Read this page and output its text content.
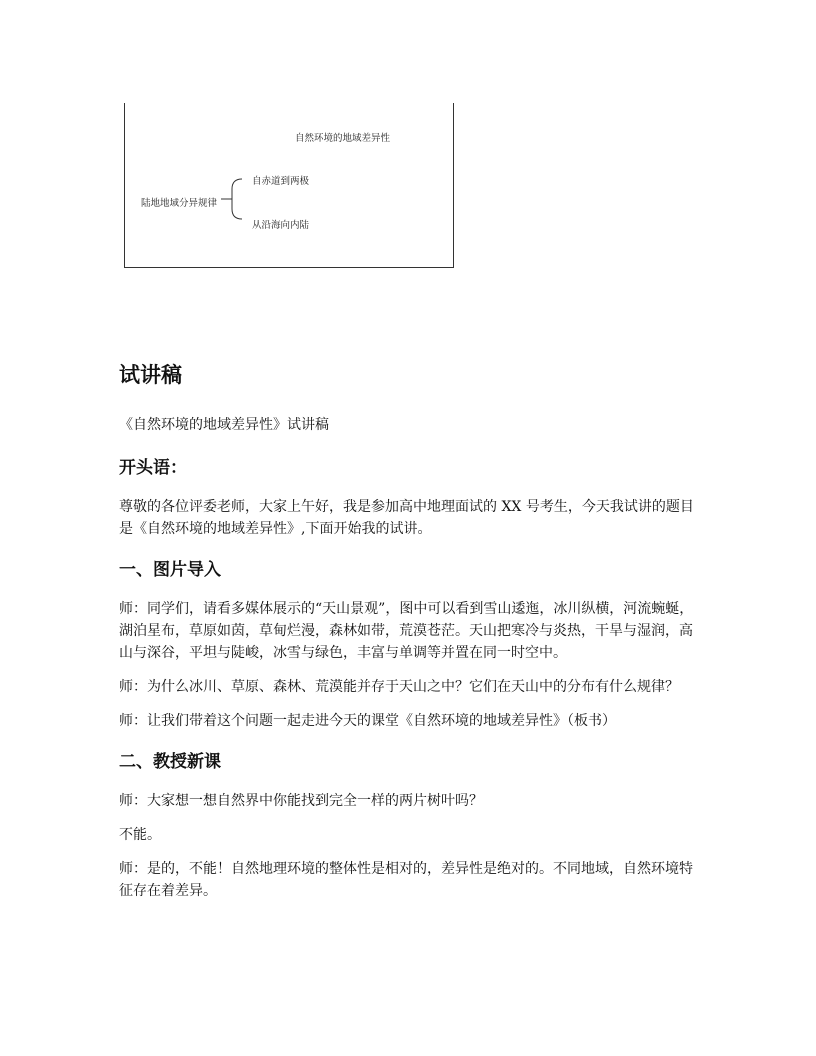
自然环境的地域差异性
陆地地域分异规律
自赤道到两极
从沿海向内陆
试讲稿
《自然环境的地域差异性》试讲稿
开头语：
尊敬的各位评委老师，大家上午好，我是参加高中地理面试的 XX 号考生，今天我试讲的题目是《自然环境的地域差异性》,下面开始我的试讲。
一、图片导入
师：同学们，请看多媒体展示的“天山景观”，图中可以看到雪山逶迤，冰川纵横，河流蜿蜒，湖泊星布，草原如茵，草甸烂漫，森林如带，荒漠苍茫。天山把寒冷与炎热，干旱与湿润，高山与深谷，平坦与陡峻，冰雪与绿色，丰富与单调等并置在同一时空中。
师：为什么冰川、草原、森林、荒漠能并存于天山之中？它们在天山中的分布有什么规律？
师：让我们带着这个问题一起走进今天的课堂《自然环境的地域差异性》（板书）
二、教授新课
师：大家想一想自然界中你能找到完全一样的两片树叶吗？
不能。
师：是的，不能！自然地理环境的整体性是相对的，差异性是绝对的。不同地域，自然环境特征存在着差异。
